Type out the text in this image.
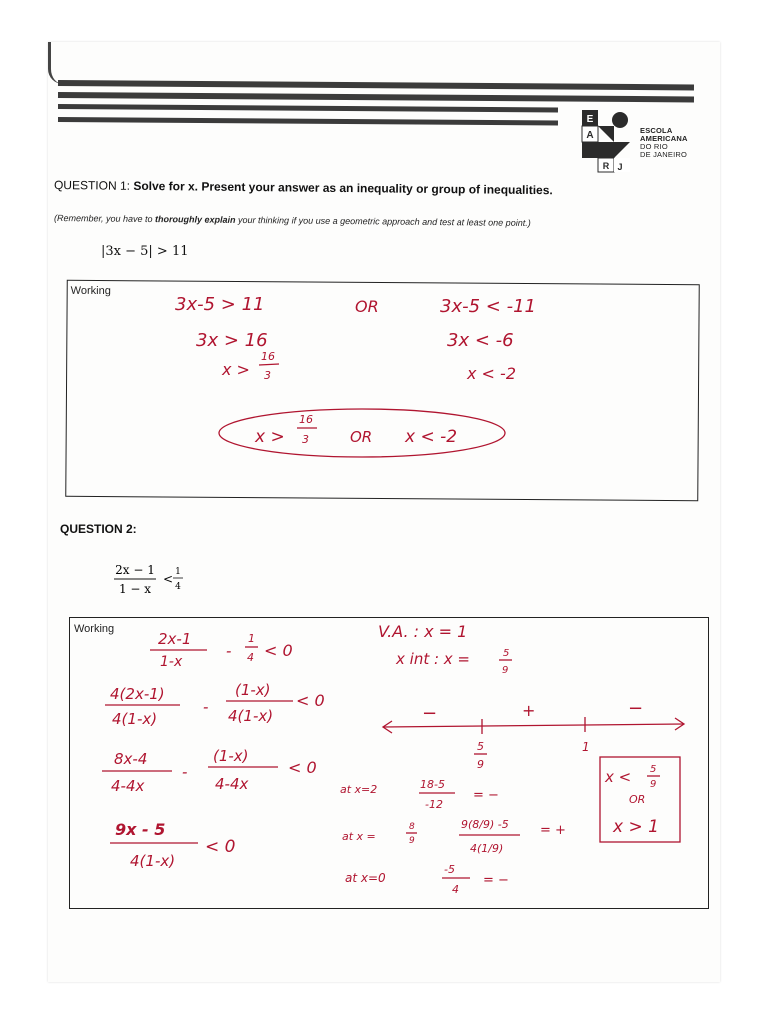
E
A
R J
ESCOLA
AMERICANA
DO RIO
DE JANEIRO
QUESTION 1: Solve for x. Present your answer as an inequality or group of inequalities.
(Remember, you have to thoroughly explain your thinking if you use a geometric approach and test at least one point.)
|3x − 5| > 11
Working
QUESTION 2:
2x − 1
1 − x
< 1
4
Working
3x-5 > 11
3x > 16
x >
16
3
OR	3x-5 < -11
3x < -6
x < -2
x >
16
3	OR x < -2
2x-1
1-x
-
1
4 < 0
4(2x-1)
4(1-x)
-
(1-x)
4(1-x)
< 0
8x-4
4-4x
-
(1-x)
4-4x
< 0
9x - 5
4(1-x)
< 0
V.A. : x = 1
x int : x =	5
9
−	+	−
5
9
1
at x=2	18-5
-12
= −
at x =
8
9
9(8/9) -5
4(1/9)
= +
at x=0
-5
4
= −
x < 5
9
OR
x > 1
